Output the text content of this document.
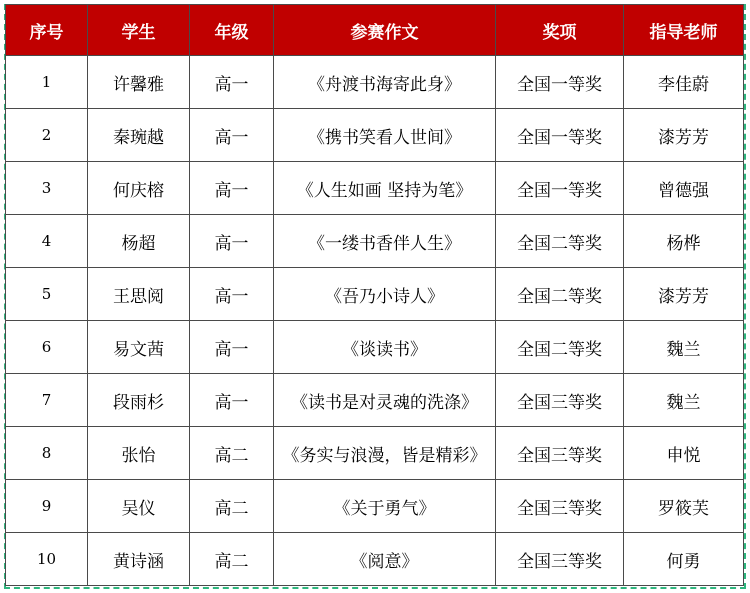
序号	学生	年级	参赛作文	奖项	指导老师
1	许馨雅	高一	《舟渡书海寄此身》	全国一等奖	李佳蔚
2	秦琬越	高一	《携书笑看人世间》	全国一等奖	漆芳芳
3	何庆榕	高一	《人生如画 坚持为笔》	全国一等奖	曾德强
4	杨超	高一	《一缕书香伴人生》	全国二等奖	杨桦
5	王思阅	高一	《吾乃小诗人》	全国二等奖	漆芳芳
6	易文茜	高一	《谈读书》	全国二等奖	魏兰
7	段雨杉	高一	《读书是对灵魂的洗涤》	全国三等奖	魏兰
8	张怡	高二	《务实与浪漫，皆是精彩》	全国三等奖	申悦
9	吴仪	高二	《关于勇气》	全国三等奖	罗筱芙
10	黄诗涵	高二	《阅意》	全国三等奖	何勇
